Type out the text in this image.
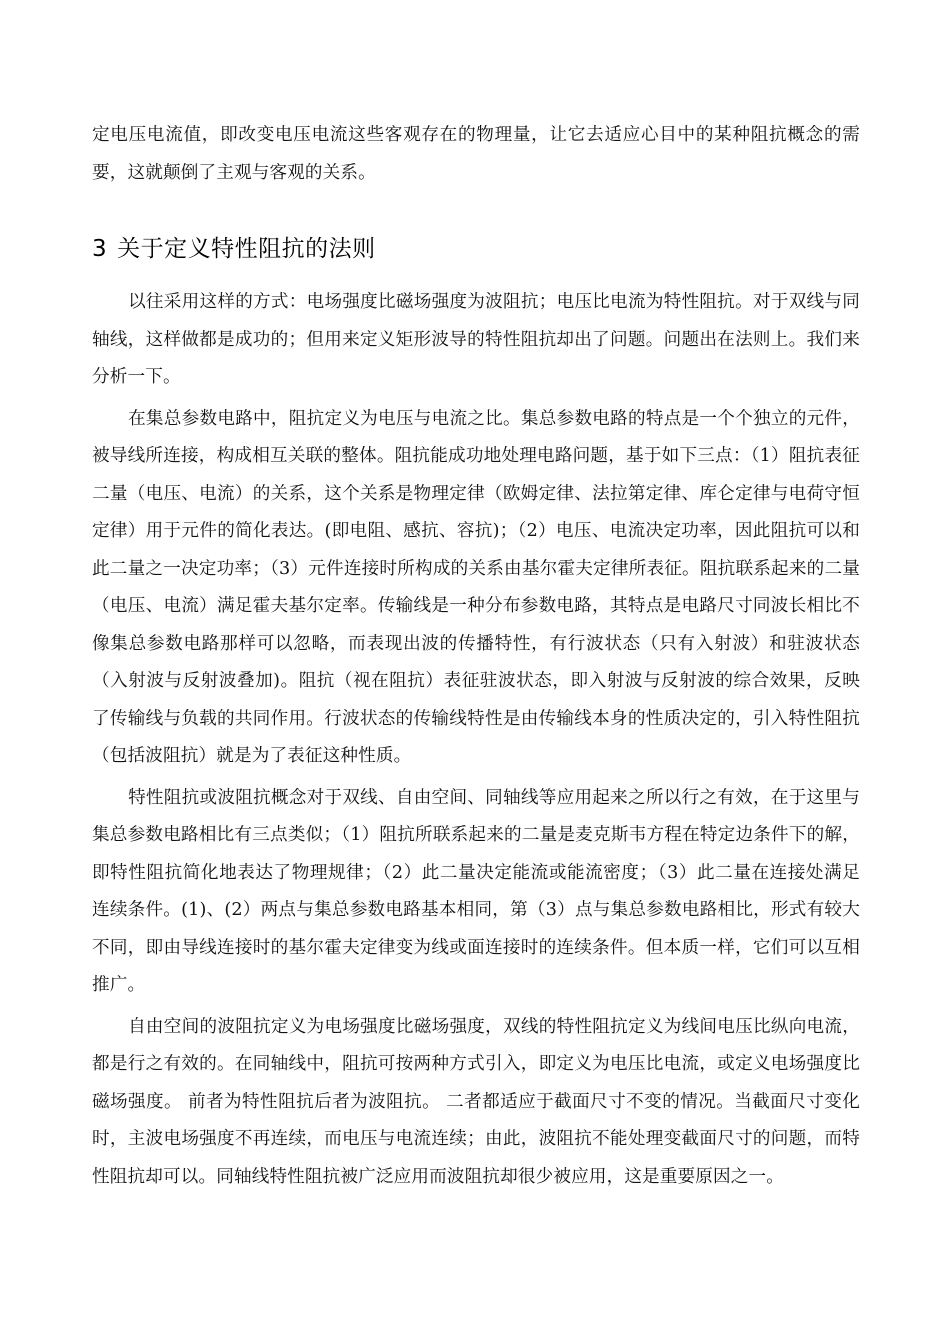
定电压电流值，即改变电压电流这些客观存在的物理量，让它去适应心目中的某种阻抗概念的需要，这就颠倒了主观与客观的关系。

3 关于定义特性阻抗的法则

以往采用这样的方式：电场强度比磁场强度为波阻抗；电压比电流为特性阻抗。对于双线与同轴线，这样做都是成功的；但用来定义矩形波导的特性阻抗却出了问题。问题出在法则上。我们来分析一下。

在集总参数电路中，阻抗定义为电压与电流之比。集总参数电路的特点是一个个独立的元件，被导线所连接，构成相互关联的整体。阻抗能成功地处理电路问题，基于如下三点：（1）阻抗表征二量（电压、电流）的关系，这个关系是物理定律（欧姆定律、法拉第定律、库仑定律与电荷守恒定律）用于元件的简化表达。(即电阻、感抗、容抗)；（2）电压、电流决定功率，因此阻抗可以和此二量之一决定功率；（3）元件连接时所构成的关系由基尔霍夫定律所表征。阻抗联系起来的二量（电压、电流）满足霍夫基尔定率。传输线是一种分布参数电路，其特点是电路尺寸同波长相比不像集总参数电路那样可以忽略，而表现出波的传播特性，有行波状态（只有入射波）和驻波状态（入射波与反射波叠加)。阻抗（视在阻抗）表征驻波状态，即入射波与反射波的综合效果，反映了传输线与负载的共同作用。行波状态的传输线特性是由传输线本身的性质决定的，引入特性阻抗（包括波阻抗）就是为了表征这种性质。

特性阻抗或波阻抗概念对于双线、自由空间、同轴线等应用起来之所以行之有效，在于这里与集总参数电路相比有三点类似；（1）阻抗所联系起来的二量是麦克斯韦方程在特定边条件下的解，即特性阻抗简化地表达了物理规律；（2）此二量决定能流或能流密度；（3）此二量在连接处满足连续条件。(1)、(2）两点与集总参数电路基本相同，第（3）点与集总参数电路相比，形式有较大不同，即由导线连接时的基尔霍夫定律变为线或面连接时的连续条件。但本质一样，它们可以互相推广。

自由空间的波阻抗定义为电场强度比磁场强度，双线的特性阻抗定义为线间电压比纵向电流，都是行之有效的。在同轴线中，阻抗可按两种方式引入，即定义为电压比电流，或定义电场强度比磁场强度。 前者为特性阻抗后者为波阻抗。 二者都适应于截面尺寸不变的情况。当截面尺寸变化时，主波电场强度不再连续，而电压与电流连续；由此，波阻抗不能处理变截面尺寸的问题，而特性阻抗却可以。同轴线特性阻抗被广泛应用而波阻抗却很少被应用，这是重要原因之一。
